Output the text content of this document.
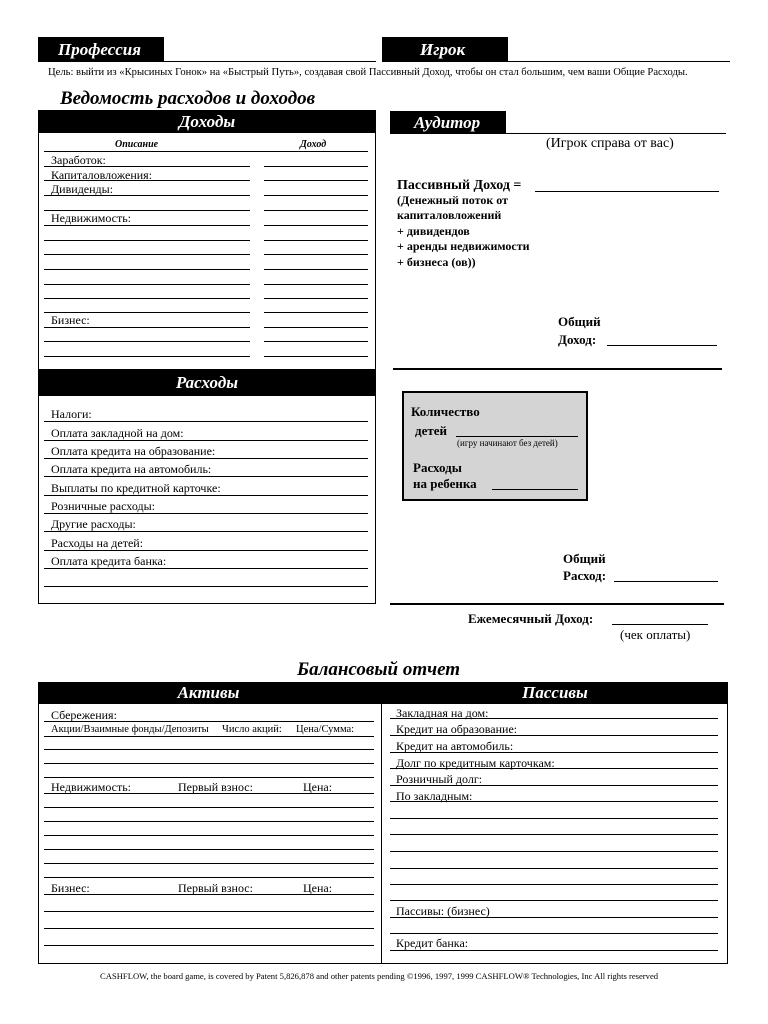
Профессия	Игрок
Цель: выйти из «Крысиных Гонок» на «Быстрый Путь», создавая свой Пассивный Доход, чтобы он стал большим, чем ваши Общие Расходы.
Ведомость расходов и доходов
Доходы
Описание	Доход
Заработок:
Капиталовложения:
Дивиденды:
Недвижимость:
Бизнес:
Расходы
Налоги:
Оплата закладной на дом:
Оплата кредита на образование:
Оплата кредита на автомобиль:
Выплаты по кредитной карточке:
Розничные расходы:
Другие расходы:
Расходы на детей:
Оплата кредита банка:
Аудитор
(Игрок справа от вас)
Пассивный Доход =
(Денежный поток от
капиталовложений
+ дивидендов
+ аренды недвижимости
+ бизнеса (ов))
Общий
Доход:
Количество
детей
(игру начинают без детей)
Расходы
на ребенка
Общий
Расход:
Ежемесячный Доход:
(чек оплаты)
Балансовый отчет
Активы	Пассивы
Сбережения:
Акции/Взаимные фонды/Депозиты Число акций: Цена/Сумма:
Недвижимость:	Первый взнос:	Цена:
Бизнес:	Первый взнос:	Цена:
Закладная на дом:
Кредит на образование:
Кредит на автомобиль:
Долг по кредитным карточкам:
Розничный долг:
По закладным:
Пассивы: (бизнес)
Кредит банка:
CASHFLOW, the board game, is covered by Patent 5,826,878 and other patents pending ©1996, 1997, 1999 CASHFLOW® Technologies, Inc All rights reserved
